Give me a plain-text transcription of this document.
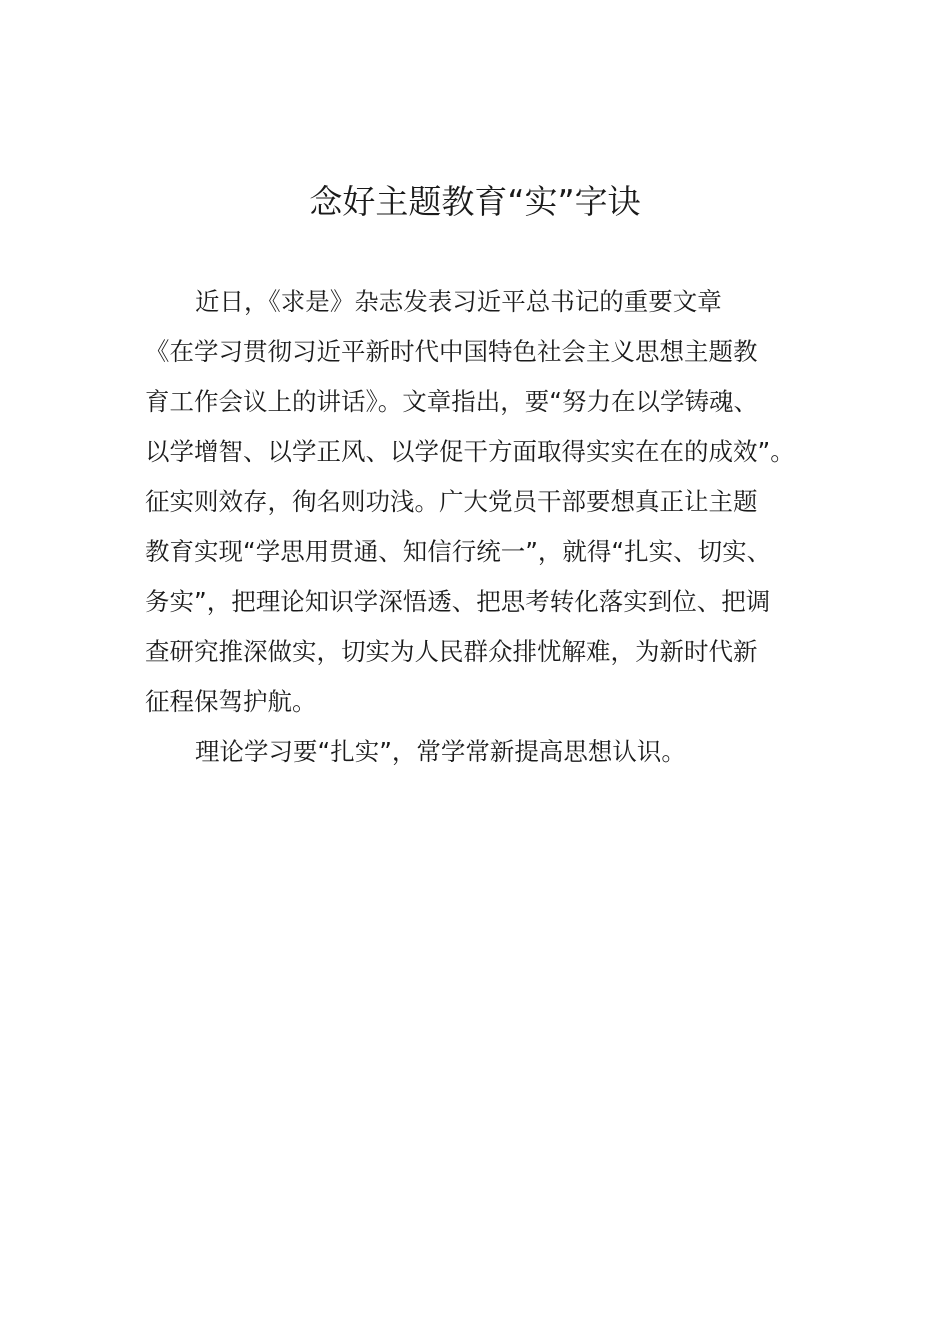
念好主题教育“实”字诀
近日，《求是》杂志发表习近平总书记的重要文章
《在学习贯彻习近平新时代中国特色社会主义思想主题教
育工作会议上的讲话》。文章指出，要“努力在以学铸魂、
以学增智、以学正风、以学促干方面取得实实在在的成效”。
征实则效存，徇名则功浅。广大党员干部要想真正让主题
教育实现“学思用贯通、知信行统一”，就得“扎实、切实、
务实”，把理论知识学深悟透、把思考转化落实到位、把调
查研究推深做实，切实为人民群众排忧解难，为新时代新
征程保驾护航。
理论学习要“扎实”，常学常新提高思想认识。
